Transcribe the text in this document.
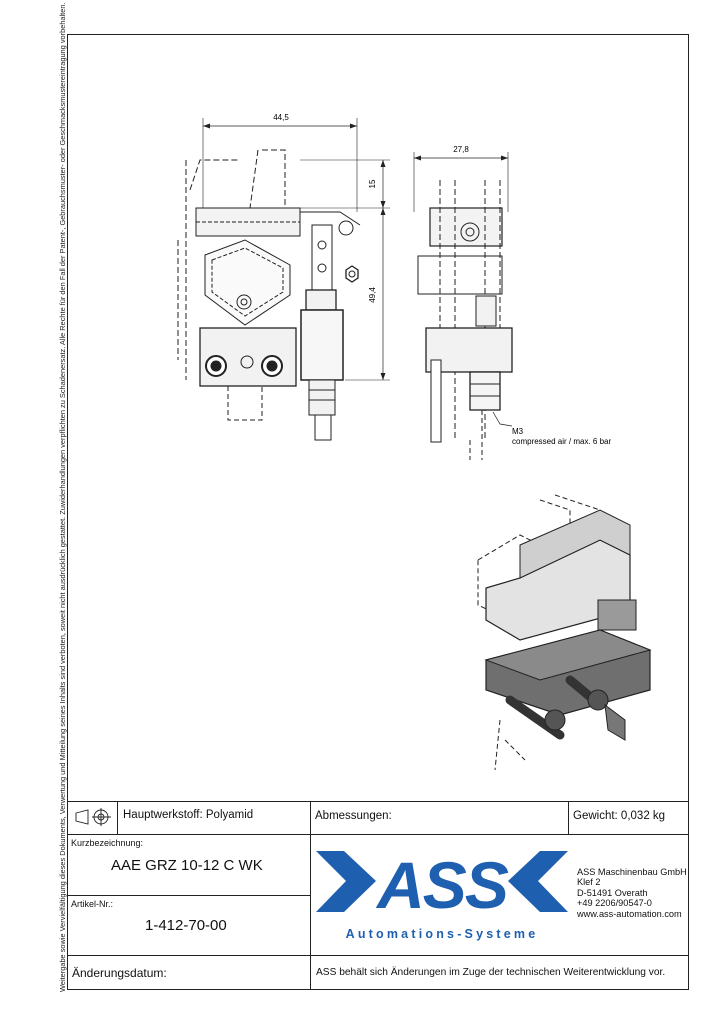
Weitergabe sowie Vervielfältigung dieses Dokuments, Verwertung und Mitteilung seines Inhalts sind verboten, soweit nicht ausdrücklich gestattet. Zuwiderhandlungen verpflichten zu Schadenersatz. Alle Rechte für den Fall der Patent-, Gebrauchsmuster- oder Geschmacksmustereintragung vorbehalten.	44,5
27,8
15
49,4
M3
compressed air / max. 6 bar
Hauptwerkstoff: Polyamid	Abmessungen:	Gewicht: 0,032 kg
Kurzbezeichnung:
AAE GRZ 10-12 C WK
Artikel-Nr.:
1-412-70-00
Änderungsdatum:	ASS behält sich Änderungen im Zuge der technischen Weiterentwicklung vor.
ASS
Automations-Systeme
ASS Maschinenbau GmbH
Klef 2
D-51491 Overath
+49 2206/90547-0
www.ass-automation.com
